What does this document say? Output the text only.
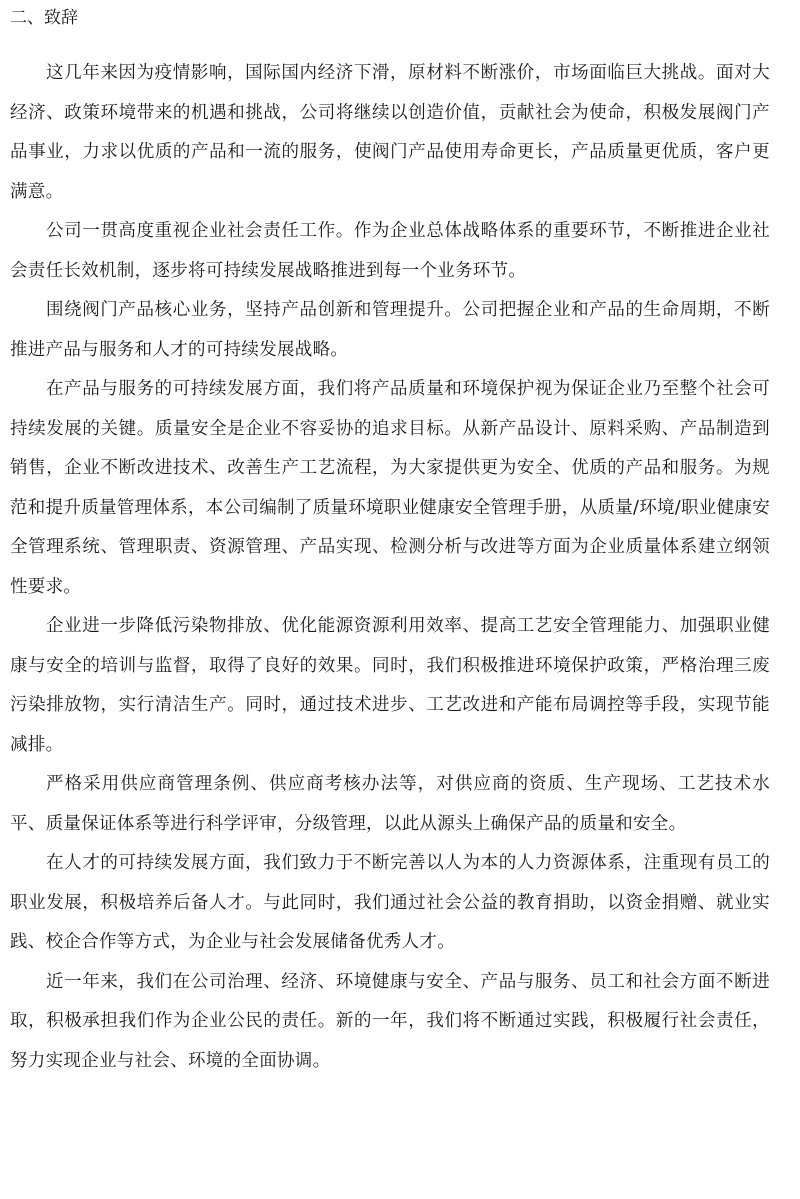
二、致辞

这几年来因为疫情影响，国际国内经济下滑，原材料不断涨价，市场面临巨大挑战。面对大经济、政策环境带来的机遇和挑战，公司将继续以创造价值，贡献社会为使命，积极发展阀门产品事业，力求以优质的产品和一流的服务，使阀门产品使用寿命更长，产品质量更优质，客户更满意。

公司一贯高度重视企业社会责任工作。作为企业总体战略体系的重要环节，不断推进企业社会责任长效机制，逐步将可持续发展战略推进到每一个业务环节。

围绕阀门产品核心业务，坚持产品创新和管理提升。公司把握企业和产品的生命周期，不断推进产品与服务和人才的可持续发展战略。

在产品与服务的可持续发展方面，我们将产品质量和环境保护视为保证企业乃至整个社会可持续发展的关键。质量安全是企业不容妥协的追求目标。从新产品设计、原料采购、产品制造到销售，企业不断改进技术、改善生产工艺流程，为大家提供更为安全、优质的产品和服务。为规范和提升质量管理体系，本公司编制了质量环境职业健康安全管理手册，从质量/环境/职业健康安全管理系统、管理职责、资源管理、产品实现、检测分析与改进等方面为企业质量体系建立纲领性要求。

企业进一步降低污染物排放、优化能源资源利用效率、提高工艺安全管理能力、加强职业健康与安全的培训与监督，取得了良好的效果。同时，我们积极推进环境保护政策，严格治理三废污染排放物，实行清洁生产。同时，通过技术进步、工艺改进和产能布局调控等手段，实现节能减排。

严格采用供应商管理条例、供应商考核办法等，对供应商的资质、生产现场、工艺技术水平、质量保证体系等进行科学评审，分级管理，以此从源头上确保产品的质量和安全。

在人才的可持续发展方面，我们致力于不断完善以人为本的人力资源体系，注重现有员工的职业发展，积极培养后备人才。与此同时，我们通过社会公益的教育捐助，以资金捐赠、就业实践、校企合作等方式，为企业与社会发展储备优秀人才。

近一年来，我们在公司治理、经济、环境健康与安全、产品与服务、员工和社会方面不断进取，积极承担我们作为企业公民的责任。新的一年，我们将不断通过实践，积极履行社会责任，努力实现企业与社会、环境的全面协调。
